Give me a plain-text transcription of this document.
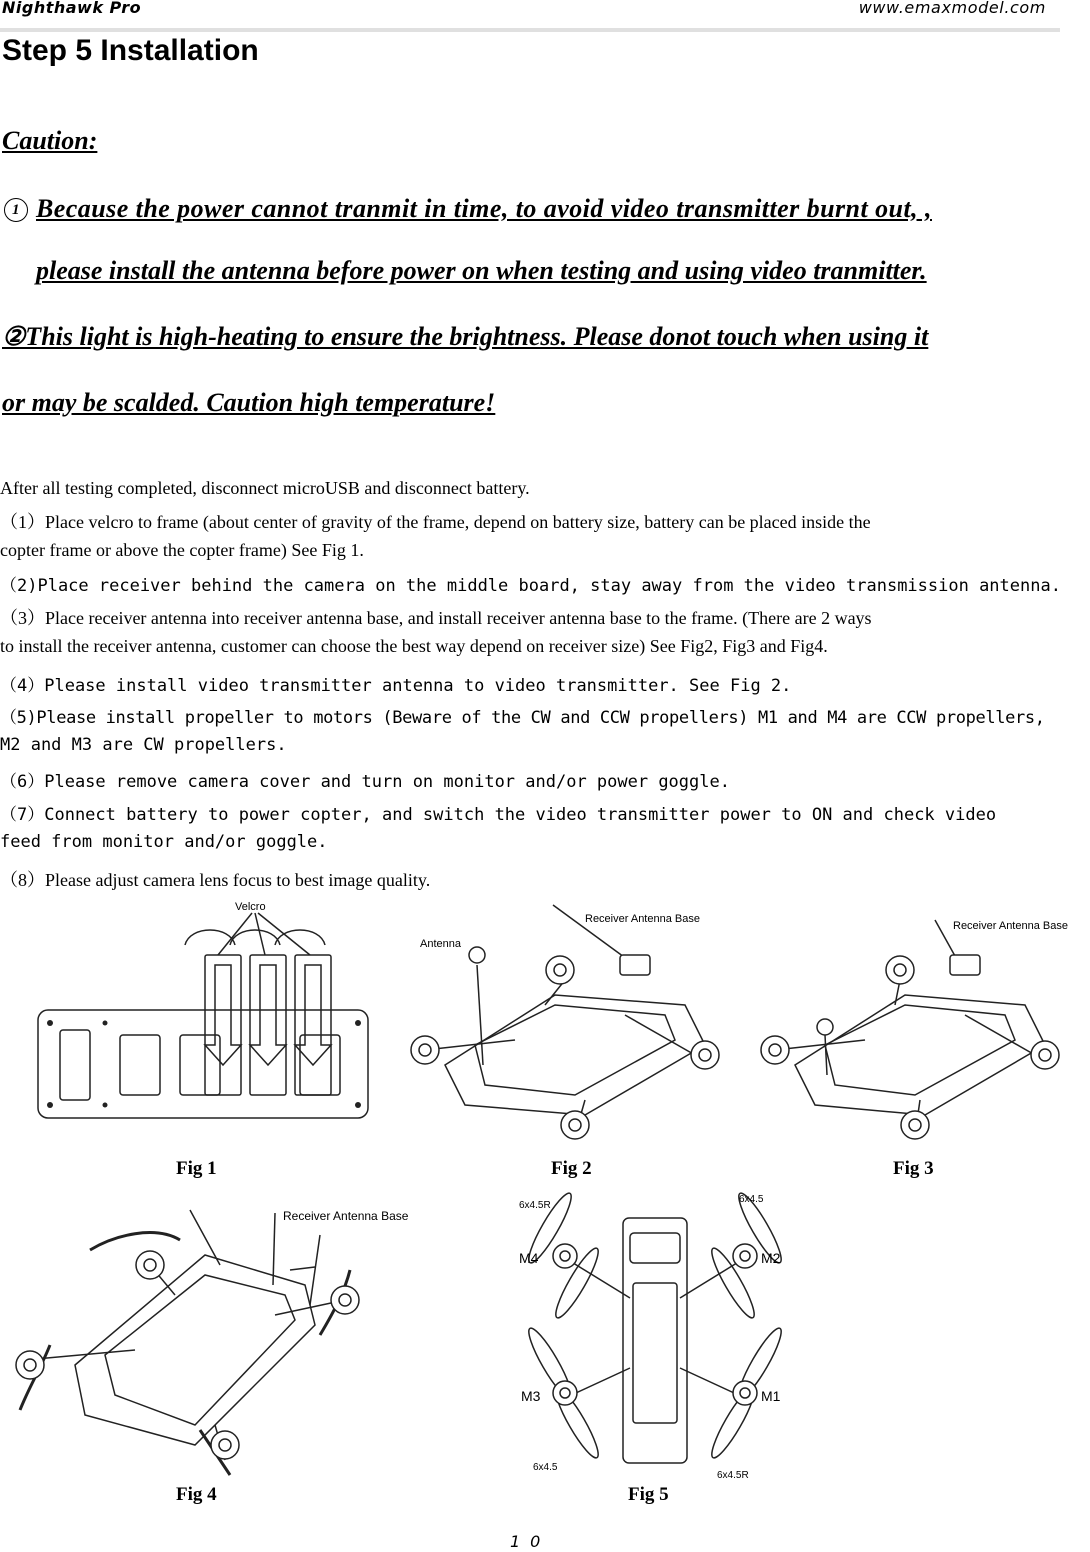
Nighthawk Pro	www.emaxmodel.com
Step 5 Installation
Caution:
1 Because the power cannot tranmit in time, to avoid video transmitter burnt out, ,
please install the antenna before power on when testing and using video tranmitter.
②This light is high-heating to ensure the brightness. Please donot touch when using it
or may be scalded. Caution high temperature!
After all testing completed, disconnect microUSB and disconnect battery.
（1）Place velcro to frame (about center of gravity of the frame, depend on battery size, battery can be placed inside the
copter frame or above the copter frame) See Fig 1.
（2)Place receiver behind the camera on the middle board, stay away from the video transmission antenna.
（3）Place receiver antenna into receiver antenna base, and install receiver antenna base to the frame. (There are 2 ways
to install the receiver antenna, customer can choose the best way depend on receiver size) See Fig2, Fig3 and Fig4.
（4）Please install video transmitter antenna to video transmitter. See Fig 2.
（5)Please install propeller to motors (Beware of the CW and CCW propellers) M1 and M4 are CCW propellers,
M2 and M3 are CW propellers.
（6）Please remove camera cover and turn on monitor and/or power goggle.
（7）Connect battery to power copter, and switch the video transmitter power to ON and check video
feed from monitor and/or goggle.
（8）Please adjust camera lens focus to best image quality.
Velcro
Antenna
Receiver Antenna Base
Receiver Antenna Base
Fig 1	Fig 2	Fig 3
Receiver Antenna Base
M4	M2
M3	M1
6x4.5R
6x4.5
6x4.5
6x4.5R
Fig 4	Fig 5
10
